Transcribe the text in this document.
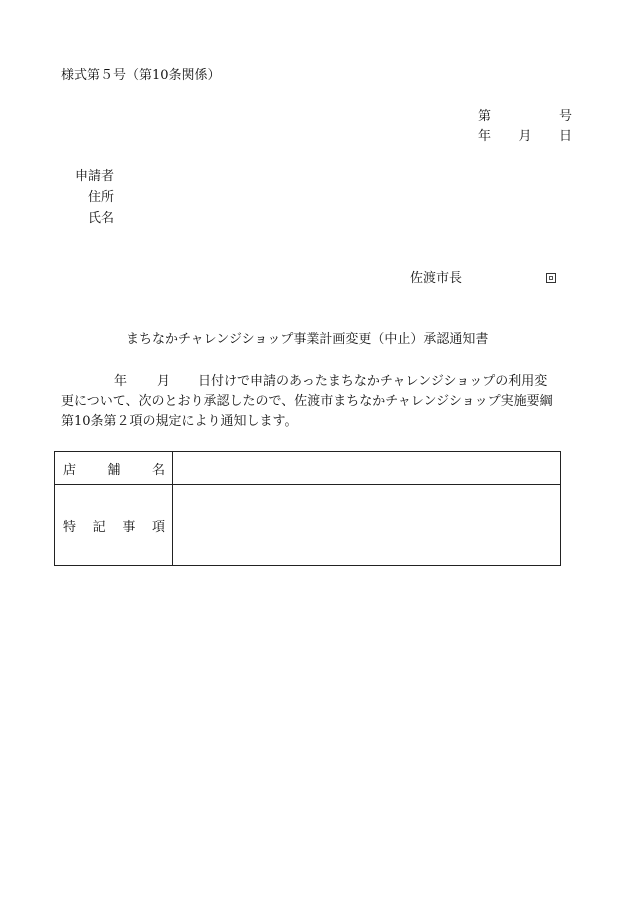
様式第５号（第10条関係）
第	号
年 月 日
申請者
住所
氏名
佐渡市長
まちなかチャレンジショップ事業計画変更（中止）承認通知書
年 月 日付けで申請のあったまちなかチャレンジショップの利用変
更について、次のとおり承認したので、佐渡市まちなかチャレンジショップ実施要綱
第10条第２項の規定により通知します。
店 舗 名	

特 記 事 項	
